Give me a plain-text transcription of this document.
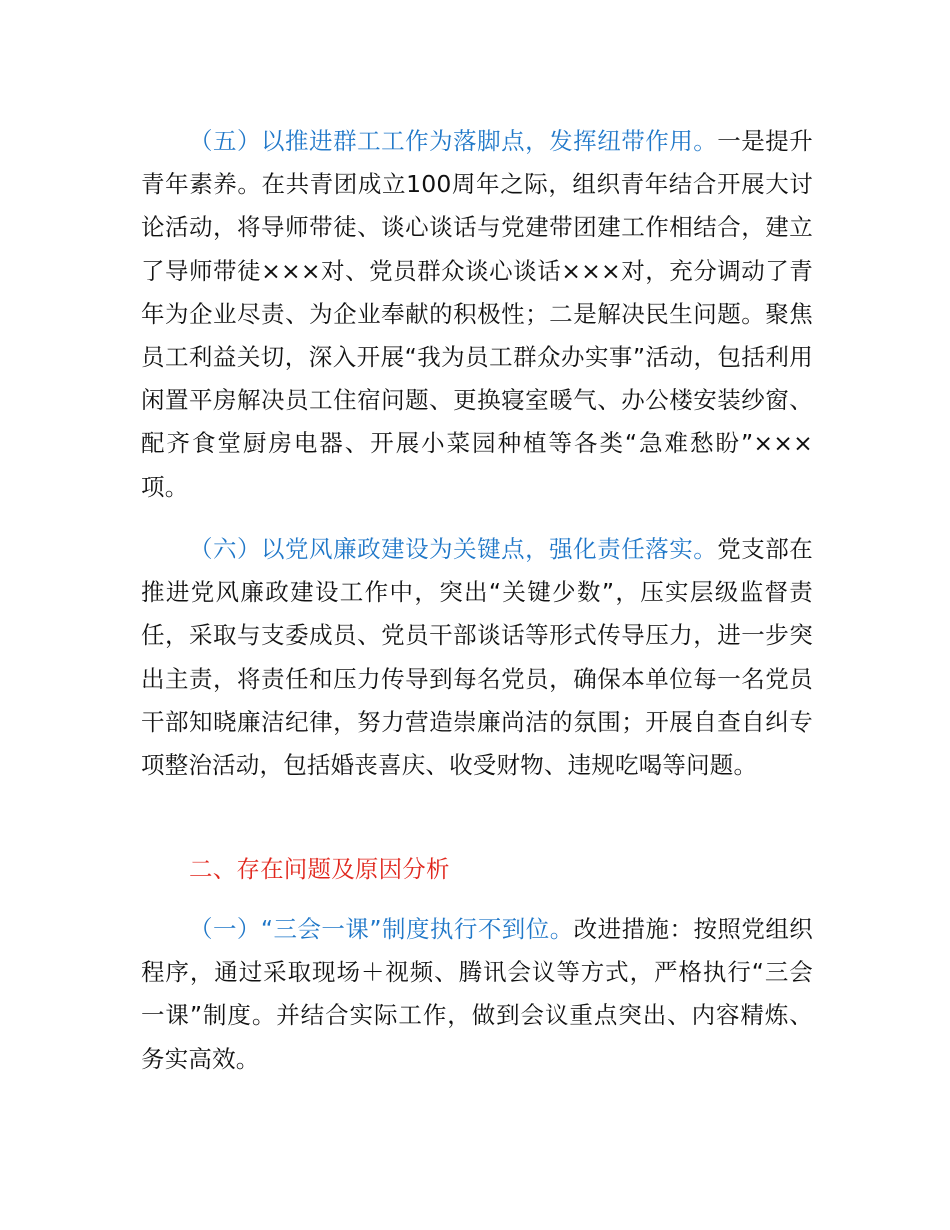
（五）以推进群工工作为落脚点，发挥纽带作用。一是提升青年素养。在共青团成立100周年之际，组织青年结合开展大讨论活动，将导师带徒、谈心谈话与党建带团建工作相结合，建立了导师带徒×××对、党员群众谈心谈话×××对，充分调动了青年为企业尽责、为企业奉献的积极性；二是解决民生问题。聚焦员工利益关切，深入开展“我为员工群众办实事”活动，包括利用闲置平房解决员工住宿问题、更换寝室暖气、办公楼安装纱窗、配齐食堂厨房电器、开展小菜园种植等各类“急难愁盼”×××项。

（六）以党风廉政建设为关键点，强化责任落实。党支部在推进党风廉政建设工作中，突出“关键少数”，压实层级监督责任，采取与支委成员、党员干部谈话等形式传导压力，进一步突出主责，将责任和压力传导到每名党员，确保本单位每一名党员干部知晓廉洁纪律，努力营造崇廉尚洁的氛围；开展自查自纠专项整治活动，包括婚丧喜庆、收受财物、违规吃喝等问题。

二、存在问题及原因分析

（一）“三会一课”制度执行不到位。改进措施：按照党组织程序，通过采取现场＋视频、腾讯会议等方式，严格执行“三会一课”制度。并结合实际工作，做到会议重点突出、内容精炼、务实高效。
